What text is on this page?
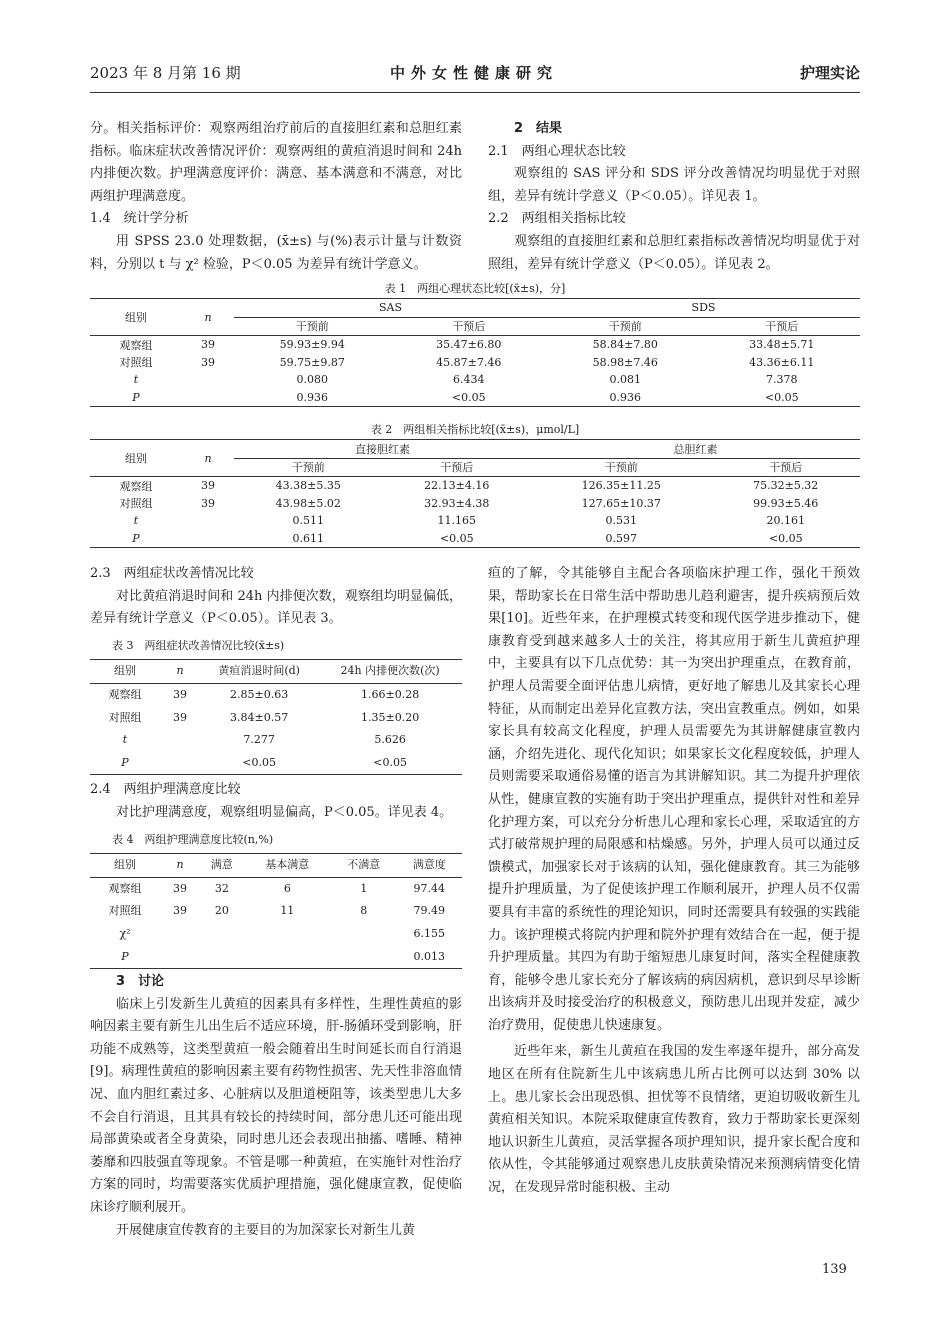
2023 年 8 月第 16 期	中外女性健康研究	护理实论

分。相关指标评价：观察两组治疗前后的直接胆红素和总胆红素指标。临床症状改善情况评价：观察两组的黄疸消退时间和 24h 内排便次数。护理满意度评价：满意、基本满意和不满意，对比两组护理满意度。

1.4　统计学分析

用 SPSS 23.0 处理数据，(x̄±s) 与(%)表示计量与计数资料，分别以 t 与 χ² 检验，P＜0.05 为差异有统计学意义。

2　结果

2.1　两组心理状态比较

观察组的 SAS 评分和 SDS 评分改善情况均明显优于对照组，差异有统计学意义（P＜0.05）。详见表 1。

2.2　两组相关指标比较

观察组的直接胆红素和总胆红素指标改善情况均明显优于对照组，差异有统计学意义（P＜0.05）。详见表 2。

表 1　两组心理状态比较[(x̄±s)，分]

组别	n	SAS		SDS	
		干预前	干预后	干预前	干预后
观察组	39	59.93±9.94	35.47±6.80	58.84±7.80	33.48±5.71
对照组	39	59.75±9.87	45.87±7.46	58.98±7.46	43.36±6.11
t		0.080	6.434	0.081	7.378
P		0.936	<0.05	0.936	<0.05

表 2　两组相关指标比较[(x̄±s)，μmol/L]

组别	n	直接胆红素		总胆红素	
		干预前	干预后	干预前	干预后
观察组	39	43.38±5.35	22.13±4.16	126.35±11.25	75.32±5.32
对照组	39	43.98±5.02	32.93±4.38	127.65±10.37	99.93±5.46
t		0.511	11.165	0.531	20.161
P		0.611	<0.05	0.597	<0.05

2.3　两组症状改善情况比较

对比黄疸消退时间和 24h 内排便次数，观察组均明显偏低，差异有统计学意义（P＜0.05）。详见表 3。

表 3　两组症状改善情况比较(x̄±s)

组别	n	黄疸消退时间(d)	24h 内排便次数(次)
观察组	39	2.85±0.63	1.66±0.28
对照组	39	3.84±0.57	1.35±0.20
t		7.277	5.626
P		<0.05	<0.05

2.4　两组护理满意度比较

对比护理满意度，观察组明显偏高，P＜0.05。详见表 4。

表 4　两组护理满意度比较(n,%)

组别	n	满意	基本满意	不满意	满意度
观察组	39	32	6	1	97.44
对照组	39	20	11	8	79.49
χ²					6.155
P					0.013

3　讨论

临床上引发新生儿黄疸的因素具有多样性，生理性黄疸的影响因素主要有新生儿出生后不适应环境，肝-肠循环受到影响，肝功能不成熟等，这类型黄疸一般会随着出生时间延长而自行消退[9]。病理性黄疸的影响因素主要有药物性损害、先天性非溶血情况、血内胆红素过多、心脏病以及胆道梗阻等，该类型患儿大多不会自行消退，且其具有较长的持续时间，部分患儿还可能出现局部黄染或者全身黄染，同时患儿还会表现出抽搐、嗜睡、精神萎靡和四肢强直等现象。不管是哪一种黄疸，在实施针对性治疗方案的同时，均需要落实优质护理措施，强化健康宣教，促使临床诊疗顺利展开。

开展健康宣传教育的主要目的为加深家长对新生儿黄

疸的了解，令其能够自主配合各项临床护理工作，强化干预效果，帮助家长在日常生活中帮助患儿趋利避害，提升疾病预后效果[10]。近些年来，在护理模式转变和现代医学进步推动下，健康教育受到越来越多人士的关注，将其应用于新生儿黄疸护理中，主要具有以下几点优势：其一为突出护理重点，在教育前，护理人员需要全面评估患儿病情，更好地了解患儿及其家长心理特征，从而制定出差异化宣教方法，突出宣教重点。例如，如果家长具有较高文化程度，护理人员需要先为其讲解健康宣教内涵，介绍先进化、现代化知识；如果家长文化程度较低，护理人员则需要采取通俗易懂的语言为其讲解知识。其二为提升护理依从性，健康宣教的实施有助于突出护理重点，提供针对性和差异化护理方案，可以充分分析患儿心理和家长心理，采取适宜的方式打破常规护理的局限感和枯燥感。另外，护理人员可以通过反馈模式，加强家长对于该病的认知，强化健康教育。其三为能够提升护理质量，为了促使该护理工作顺利展开，护理人员不仅需要具有丰富的系统性的理论知识，同时还需要具有较强的实践能力。该护理模式将院内护理和院外护理有效结合在一起，便于提升护理质量。其四为有助于缩短患儿康复时间，落实全程健康教育，能够令患儿家长充分了解该病的病因病机，意识到尽早诊断出该病并及时接受治疗的积极意义，预防患儿出现并发症，减少治疗费用，促使患儿快速康复。

近些年来，新生儿黄疸在我国的发生率逐年提升，部分高发地区在所有住院新生儿中该病患儿所占比例可以达到 30% 以上。患儿家长会出现恐惧、担忧等不良情绪，更迫切吸收新生儿黄疸相关知识。本院采取健康宣传教育，致力于帮助家长更深刻地认识新生儿黄疸，灵活掌握各项护理知识，提升家长配合度和依从性，令其能够通过观察患儿皮肤黄染情况来预测病情变化情况，在发现异常时能积极、主动

139
